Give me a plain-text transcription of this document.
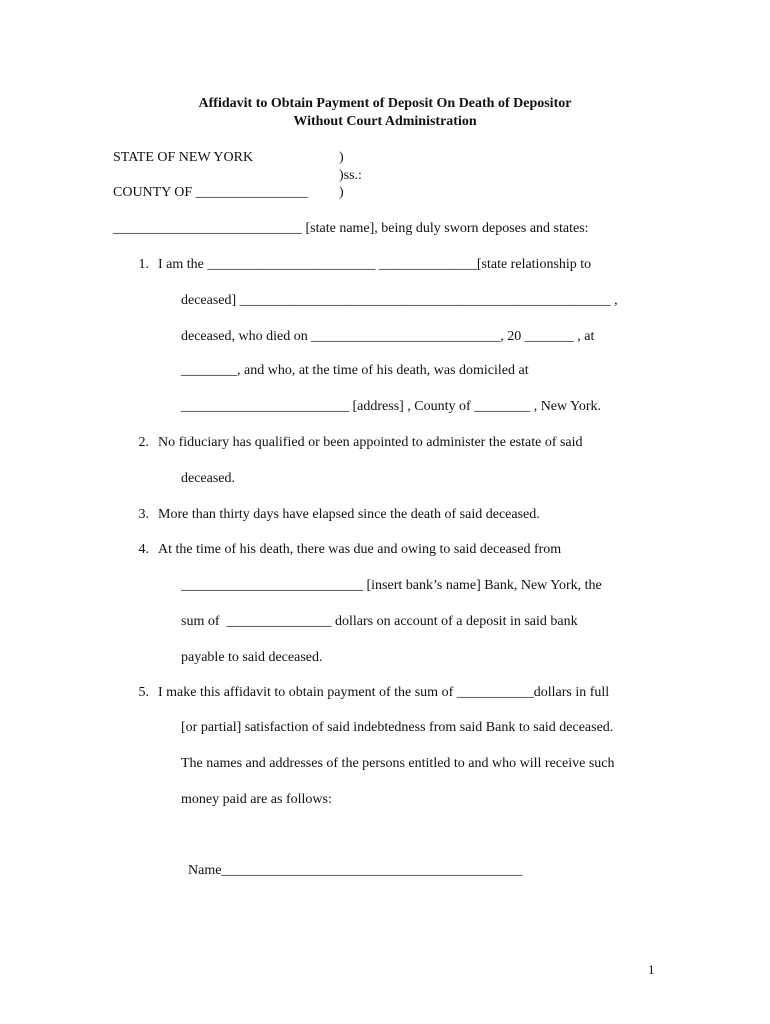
Affidavit to Obtain Payment of Deposit On Death of Depositor
Without Court Administration
STATE OF NEW YORK	)
)ss.:
COUNTY OF ________________ )
___________________________ [state name], being duly sworn deposes and states:
1. I am the ________________________ ______________[state relationship to
deceased] _____________________________________________________ ,
deceased, who died on ___________________________, 20 _______ , at
________, and who, at the time of his death, was domiciled at
________________________ [address] , County of ________ , New York.
2. No fiduciary has qualified or been appointed to administer the estate of said
deceased.
3. More than thirty days have elapsed since the death of said deceased.
4. At the time of his death, there was due and owing to said deceased from
__________________________ [insert bank’s name] Bank, New York, the
sum of  _______________ dollars on account of a deposit in said bank
payable to said deceased.
5. I make this affidavit to obtain payment of the sum of ___________dollars in full
[or partial] satisfaction of said indebtedness from said Bank to said deceased.
The names and addresses of the persons entitled to and who will receive such
money paid are as follows:
Name___________________________________________
1
